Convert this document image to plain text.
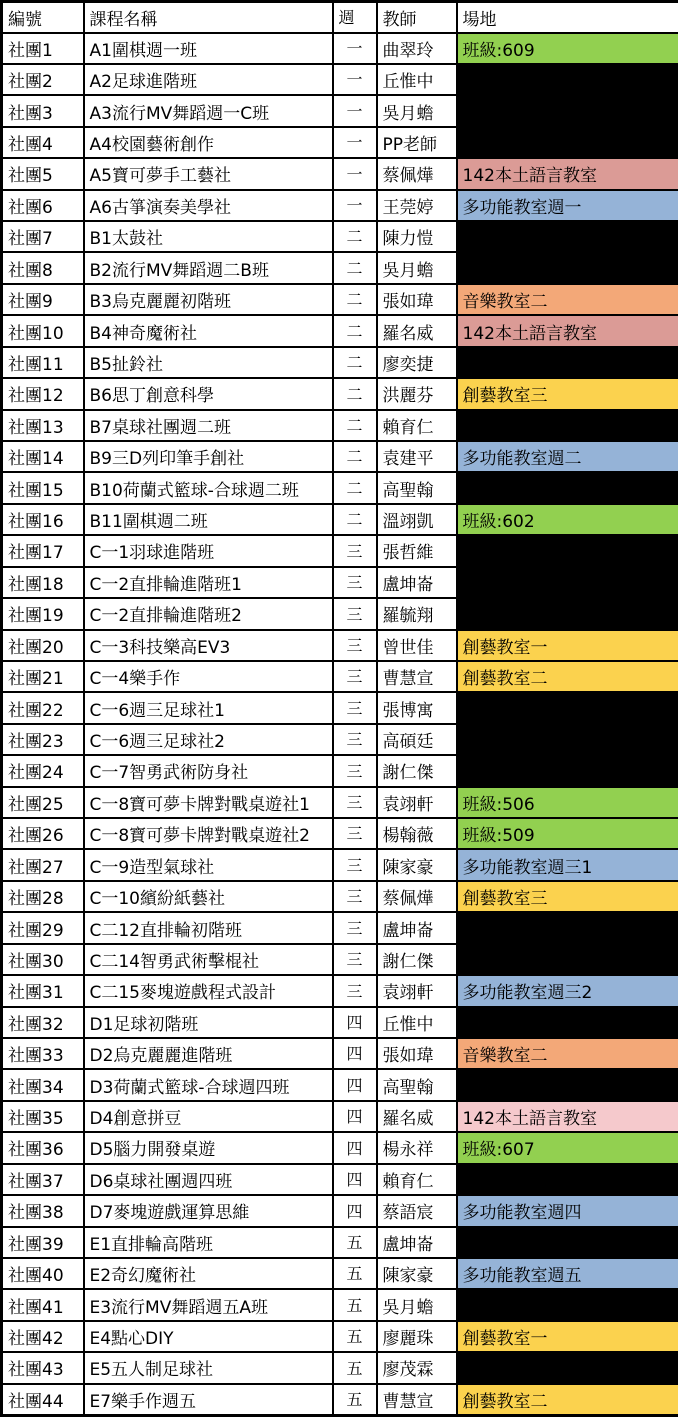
編號	課程名稱	週	教師	場地
社團1	A1圍棋週一班	一	曲翠玲	班級:609
社團2	A2足球進階班	一	丘惟中	
社團3	A3流行MV舞蹈週一C班	一	吳月蟾	
社團4	A4校園藝術創作	一	PP老師	
社團5	A5寶可夢手工藝社	一	蔡佩燁	142本土語言教室
社團6	A6古箏演奏美學社	一	王莞婷	多功能教室週一
社團7	B1太鼓社	二	陳力愷	
社團8	B2流行MV舞蹈週二B班	二	吳月蟾	
社團9	B3烏克麗麗初階班	二	張如瑋	音樂教室二
社團10	B4神奇魔術社	二	羅名威	142本土語言教室
社團11	B5扯鈴社	二	廖奕捷	
社團12	B6思丁創意科學	二	洪麗芬	創藝教室三
社團13	B7桌球社團週二班	二	賴育仁	
社團14	B9三D列印筆手創社	二	袁建平	多功能教室週二
社團15	B10荷蘭式籃球-合球週二班	二	高聖翰	
社團16	B11圍棋週二班	二	溫翊凱	班級:602
社團17	C一1羽球進階班	三	張哲維	
社團18	C一2直排輪進階班1	三	盧坤崙	
社團19	C一2直排輪進階班2	三	羅毓翔	
社團20	C一3科技樂高EV3	三	曾世佳	創藝教室一
社團21	C一4樂手作	三	曹慧宣	創藝教室二
社團22	C一6週三足球社1	三	張博寓	
社團23	C一6週三足球社2	三	高碩廷	
社團24	C一7智勇武術防身社	三	謝仁傑	
社團25	C一8寶可夢卡牌對戰桌遊社1	三	袁翊軒	班級:506
社團26	C一8寶可夢卡牌對戰桌遊社2	三	楊翰薇	班級:509
社團27	C一9造型氣球社	三	陳家豪	多功能教室週三1
社團28	C一10繽紛紙藝社	三	蔡佩燁	創藝教室三
社團29	C二12直排輪初階班	三	盧坤崙	
社團30	C二14智勇武術擊棍社	三	謝仁傑	
社團31	C二15麥塊遊戲程式設計	三	袁翊軒	多功能教室週三2
社團32	D1足球初階班	四	丘惟中	
社團33	D2烏克麗麗進階班	四	張如瑋	音樂教室二
社團34	D3荷蘭式籃球-合球週四班	四	高聖翰	
社團35	D4創意拼豆	四	羅名威	142本土語言教室
社團36	D5腦力開發桌遊	四	楊永祥	班級:607
社團37	D6桌球社團週四班	四	賴育仁	
社團38	D7麥塊遊戲運算思維	四	蔡語宸	多功能教室週四
社團39	E1直排輪高階班	五	盧坤崙	
社團40	E2奇幻魔術社	五	陳家豪	多功能教室週五
社團41	E3流行MV舞蹈週五A班	五	吳月蟾	
社團42	E4點心DIY	五	廖麗珠	創藝教室一
社團43	E5五人制足球社	五	廖茂霖	
社團44	E7樂手作週五	五	曹慧宣	創藝教室二
